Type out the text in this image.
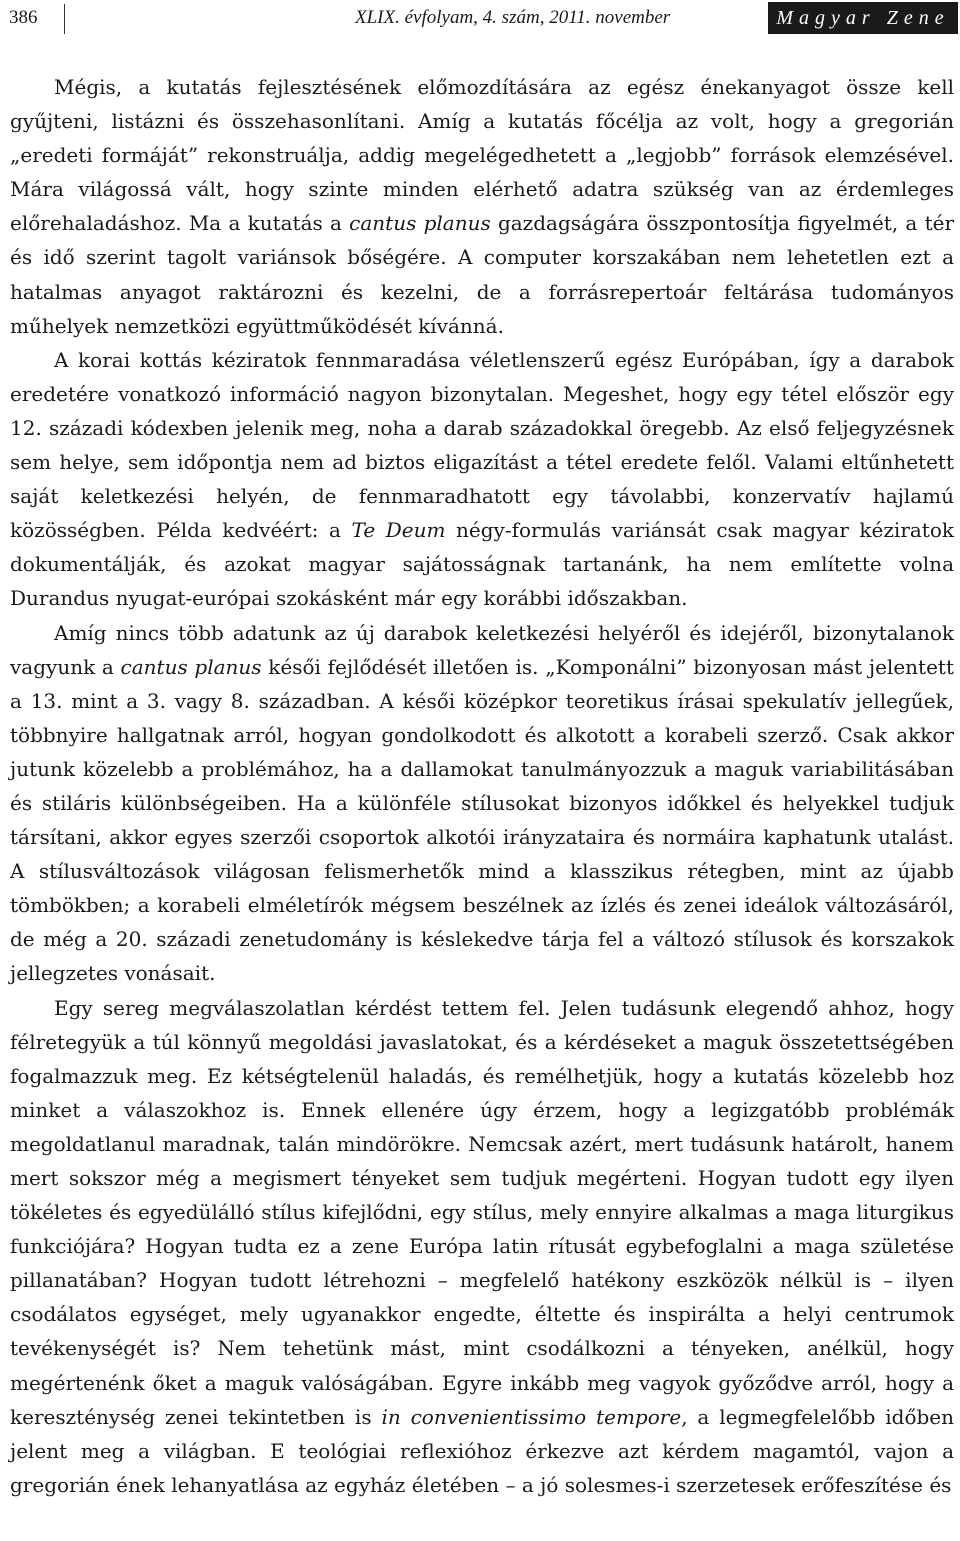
386	XLIX. évfolyam, 4. szám, 2011. november	Magyar Zene

Mégis, a kutatás fejlesztésének előmozdítására az egész énekanyagot össze kell gyűjteni, listázni és összehasonlítani. Amíg a kutatás főcélja az volt, hogy a gregorián „eredeti formáját” rekonstruálja, addig megelégedhetett a „legjobb” források elemzésével. Mára világossá vált, hogy szinte minden elérhető adatra szükség van az érdemleges előrehaladáshoz. Ma a kutatás a cantus planus gazdagságára összpontosítja figyelmét, a tér és idő szerint tagolt variánsok bőségére. A computer korszakában nem lehetetlen ezt a hatalmas anyagot raktározni és kezelni, de a forrásrepertoár feltárása tudományos műhelyek nemzetközi együttműködését kívánná.

A korai kottás kéziratok fennmaradása véletlenszerű egész Európában, így a darabok eredetére vonatkozó információ nagyon bizonytalan. Megeshet, hogy egy tétel először egy 12. századi kódexben jelenik meg, noha a darab századokkal öregebb. Az első feljegyzésnek sem helye, sem időpontja nem ad biztos eligazítást a tétel eredete felől. Valami eltűnhetett saját keletkezési helyén, de fennmaradhatott egy távolabbi, konzervatív hajlamú közösségben. Példa kedvéért: a Te Deum négy-formulás variánsát csak magyar kéziratok dokumentálják, és azokat magyar sajátosságnak tartanánk, ha nem említette volna Durandus nyugat-európai szokásként már egy korábbi időszakban.

Amíg nincs több adatunk az új darabok keletkezési helyéről és idejéről, bizonytalanok vagyunk a cantus planus késői fejlődését illetően is. „Komponálni” bizonyosan mást jelentett a 13. mint a 3. vagy 8. században. A késői középkor teoretikus írásai spekulatív jellegűek, többnyire hallgatnak arról, hogyan gondolkodott és alkotott a korabeli szerző. Csak akkor jutunk közelebb a problémához, ha a dallamokat tanulmányozzuk a maguk variabilitásában és stiláris különbségeiben. Ha a különféle stílusokat bizonyos időkkel és helyekkel tudjuk társítani, akkor egyes szerzői csoportok alkotói irányzataira és normáira kaphatunk utalást. A stílusváltozások világosan felismerhetők mind a klasszikus rétegben, mint az újabb tömbökben; a korabeli elméletírók mégsem beszélnek az ízlés és zenei ideálok változásáról, de még a 20. századi zenetudomány is késlekedve tárja fel a változó stílusok és korszakok jellegzetes vonásait.

Egy sereg megválaszolatlan kérdést tettem fel. Jelen tudásunk elegendő ahhoz, hogy félretegyük a túl könnyű megoldási javaslatokat, és a kérdéseket a maguk összetettségében fogalmazzuk meg. Ez kétségtelenül haladás, és remélhetjük, hogy a kutatás közelebb hoz minket a válaszokhoz is. Ennek ellenére úgy érzem, hogy a legizgatóbb problémák megoldatlanul maradnak, talán mindörökre. Nemcsak azért, mert tudásunk határolt, hanem mert sokszor még a megismert tényeket sem tudjuk megérteni. Hogyan tudott egy ilyen tökéletes és egyedülálló stílus kifejlődni, egy stílus, mely ennyire alkalmas a maga liturgikus funkciójára? Hogyan tudta ez a zene Európa latin rítusát egybefoglalni a maga születése pillanatában? Hogyan tudott létrehozni – megfelelő hatékony eszközök nélkül is – ilyen csodálatos egységet, mely ugyanakkor engedte, éltette és inspirálta a helyi centrumok tevékenységét is? Nem tehetünk mást, mint csodálkozni a tényeken, anélkül, hogy megértenénk őket a maguk valóságában. Egyre inkább meg vagyok győződve arról, hogy a kereszténység zenei tekintetben is in convenientissimo tempore, a legmegfelelőbb időben jelent meg a világban. E teológiai reflexióhoz érkezve azt kérdem magamtól, vajon a gregorián ének lehanyatlása az egyház életében – a jó solesmes-i szerzetesek erőfeszítése és
